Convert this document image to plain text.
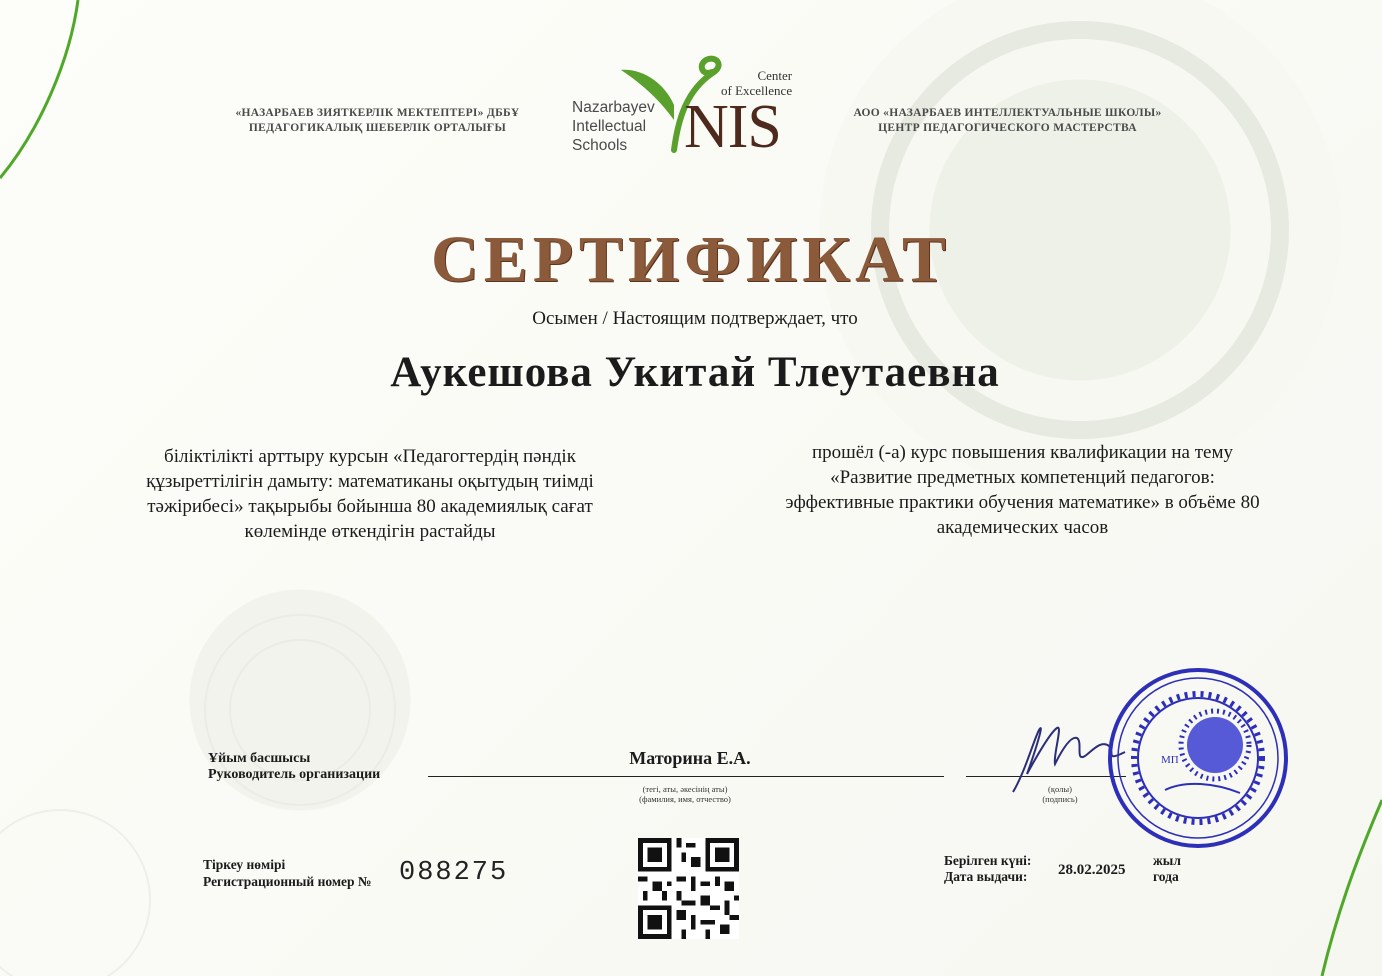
«НАЗАРБАЕВ ЗИЯТКЕРЛІК МЕКТЕПТЕРІ» ДББҰ
ПЕДАГОГИКАЛЫҚ ШЕБЕРЛІК ОРТАЛЫҒЫ
Nazarbayev
Intellectual
Schools
Center
of Excellence
NIS	АОО «НАЗАРБАЕВ ИНТЕЛЛЕКТУАЛЬНЫЕ ШКОЛЫ»
ЦЕНТР ПЕДАГОГИЧЕСКОГО МАСТЕРСТВА
СЕРТИФИКАТ
Осымен / Настоящим подтверждает, что
Аукешова Укитай Тлеутаевна
біліктілікті арттыру курсын «Педагогтердің пәндік құзыреттілігін дамыту: математиканы оқытудың тиімді тәжірибесі» тақырыбы бойынша 80 академиялық сағат көлемінде өткендігін растайды
прошёл (-а) курс повышения квалификации на тему «Развитие предметных компетенций педагогов: эффективные практики обучения математике» в объёме 80 академических часов
Ұйым басшысы
Руководитель организации
Маторина Е.А.
(тегі, аты, әкесінің аты)
(фамилия, имя, отчество)
(қолы)
(подпись)
МП
Тіркеу нөмірі
Регистрационный номер № 088275	Берілген күні:
Дата выдачи: 28.02.2025
жыл
года
